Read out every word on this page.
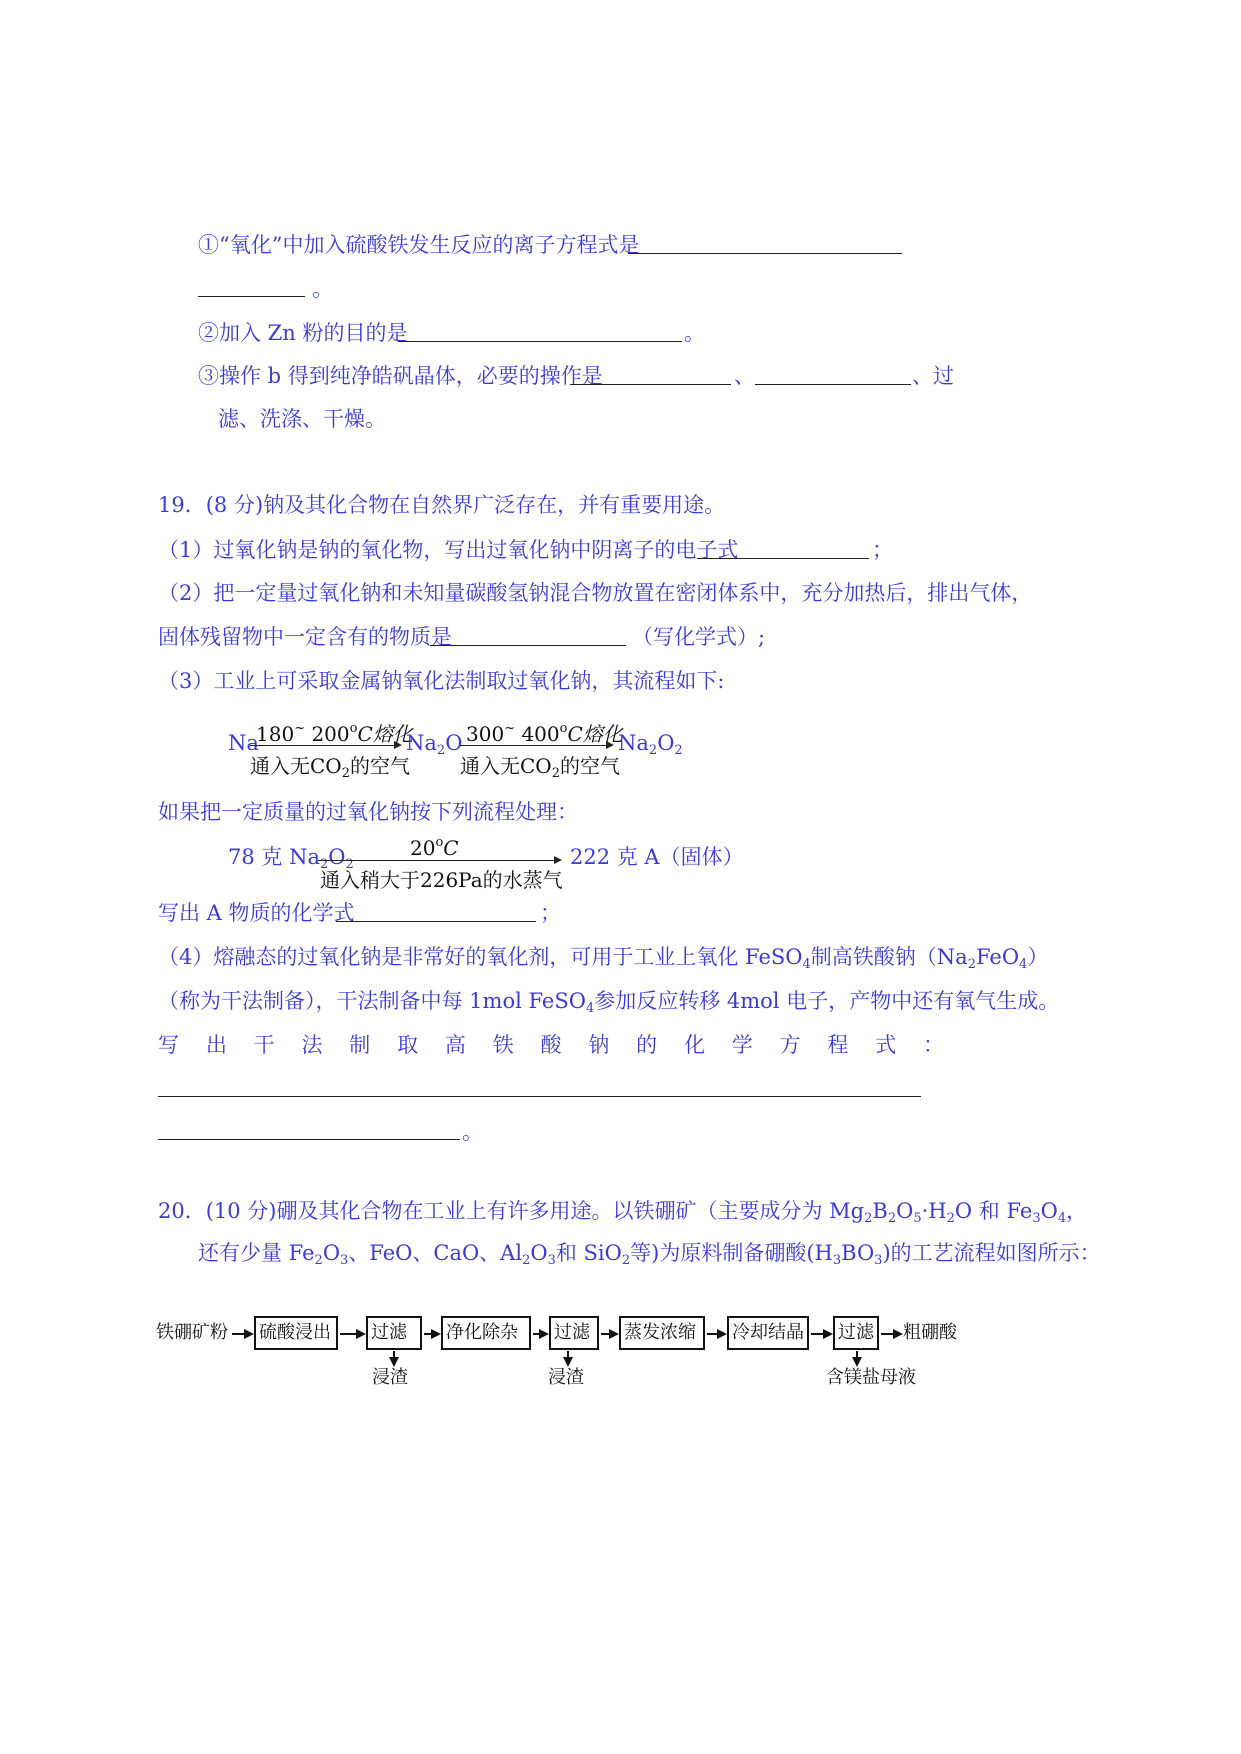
①“氧化”中加入硫酸铁发生反应的离子方程式是
。
②加入 Zn 粉的目的是	。
③操作 b 得到纯净皓矾晶体，必要的操作是	、	、过
滤、洗涤、干燥。
19．(8 分)钠及其化合物在自然界广泛存在，并有重要用途。
（1）过氧化钠是钠的氧化物，写出过氧化钠中阴离子的电子式	；
（2）把一定量过氧化钠和未知量碳酸氢钠混合物放置在密闭体系中，充分加热后，排出气体，
固体残留物中一定含有的物质是	（写化学式）;
（3）工业上可采取金属钠氧化法制取过氧化钠，其流程如下:
Na
180~ 200$^o$C熔化
通入无$CO_2$的空气
$Na_2O$ 300~ 400$^o$C熔化
通入无$CO_2$的空气
$Na_2O_2$
如果把一定质量的过氧化钠按下列流程处理：
78 克 $Na_2O_2$
20$^o$C
通入稍大于226Pa的水蒸气
222 克 A（固体）
写出 A 物质的化学式	；
（4）熔融态的过氧化钠是非常好的氧化剂，可用于工业上氧化 FeSO$_4$制高铁酸钠$(Na_2FeO_4)$
（称为干法制备），干法制备中每 1mol FeSO$_4$参加反应转移 4mol 电子，产物中还有氧气生成。
写 出 干 法 制 取 高 铁 酸 钠 的 化 学 方 程 式 ：
。
20．(10 分)硼及其化合物在工业上有许多用途。以铁硼矿（主要成分为 $Mg_2B_2O_5\cdot H_2O$ 和 $Fe_3O_4$，
还有少量 $Fe_2O_3$、FeO、CaO、$Al_2O_3$和 SiO$_2$等)为原料制备硼酸$(H_3BO_3)$的工艺流程如图所示：
铁硼矿粉 硫酸浸出	过滤
浸渣
净化除杂	过滤
浸渣
蒸发浓缩	冷却结晶 过滤
含镁盐母液
粗硼酸
